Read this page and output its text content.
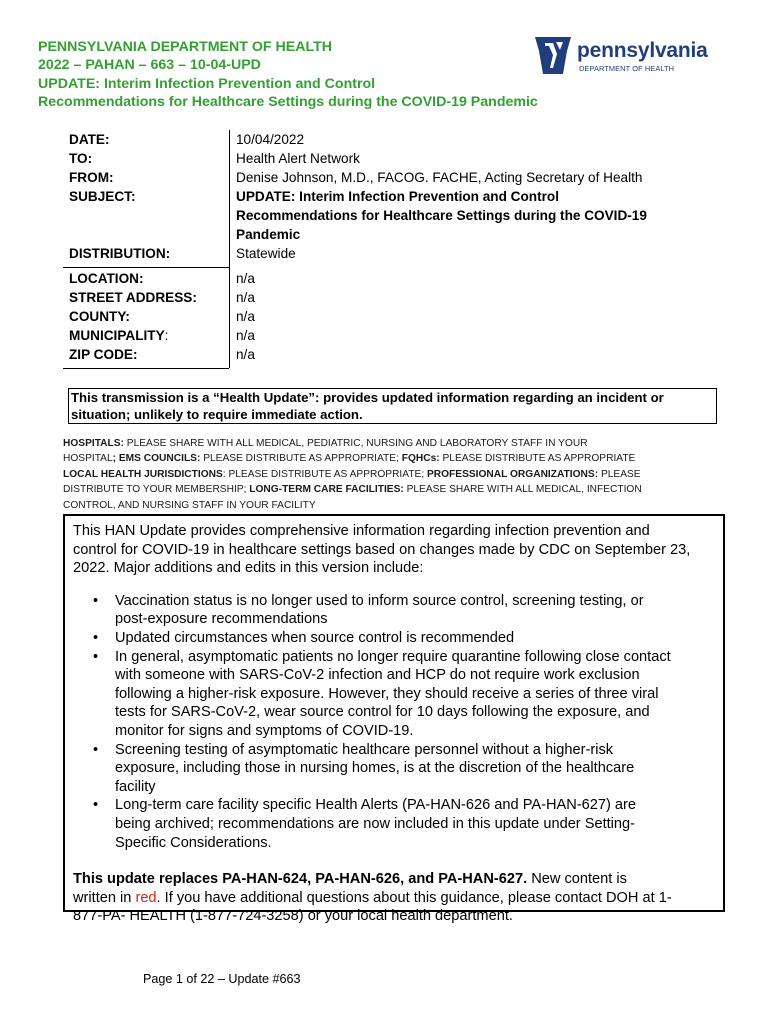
PENNSYLVANIA DEPARTMENT OF HEALTH
2022 – PAHAN – 663 – 10-04-UPD
UPDATE: Interim Infection Prevention and Control
Recommendations for Healthcare Settings during the COVID-19 Pandemic
pennsylvania
DEPARTMENT OF HEALTH
DATE:	10/04/2022
TO:	Health Alert Network
FROM:	Denise Johnson, M.D., FACOG. FACHE, Acting Secretary of Health
SUBJECT:	UPDATE: Interim Infection Prevention and Control
Recommendations for Healthcare Settings during the COVID-19
Pandemic
DISTRIBUTION:	Statewide
LOCATION:	n/a
STREET ADDRESS:	n/a
COUNTY:	n/a
MUNICIPALITY:	n/a
ZIP CODE:	n/a
This transmission is a “Health Update”: provides updated information regarding an incident or
situation; unlikely to require immediate action.
HOSPITALS: PLEASE SHARE WITH ALL MEDICAL, PEDIATRIC, NURSING AND LABORATORY STAFF IN YOUR
HOSPITAL; EMS COUNCILS: PLEASE DISTRIBUTE AS APPROPRIATE; FQHCs: PLEASE DISTRIBUTE AS APPROPRIATE
LOCAL HEALTH JURISDICTIONS: PLEASE DISTRIBUTE AS APPROPRIATE; PROFESSIONAL ORGANIZATIONS: PLEASE
DISTRIBUTE TO YOUR MEMBERSHIP; LONG-TERM CARE FACILITIES: PLEASE SHARE WITH ALL MEDICAL, INFECTION
CONTROL, AND NURSING STAFF IN YOUR FACILITY

This HAN Update provides comprehensive information regarding infection prevention and
control for COVID-19 in healthcare settings based on changes made by CDC on September 23,
2022. Major additions and edits in this version include:

• Vaccination status is no longer used to inform source control, screening testing, or
post-exposure recommendations
• Updated circumstances when source control is recommended
• In general, asymptomatic patients no longer require quarantine following close contact
with someone with SARS-CoV-2 infection and HCP do not require work exclusion
following a higher-risk exposure. However, they should receive a series of three viral
tests for SARS-CoV-2, wear source control for 10 days following the exposure, and
monitor for signs and symptoms of COVID-19.
• Screening testing of asymptomatic healthcare personnel without a higher-risk
exposure, including those in nursing homes, is at the discretion of the healthcare
facility
• Long-term care facility specific Health Alerts (PA-HAN-626 and PA-HAN-627) are
being archived; recommendations are now included in this update under Setting-
Specific Considerations.

This update replaces PA-HAN-624, PA-HAN-626, and PA-HAN-627. New content is
written in red. If you have additional questions about this guidance, please contact DOH at 1-
877-PA- HEALTH (1-877-724-3258) or your local health department.

Page 1 of 22 – Update #663
